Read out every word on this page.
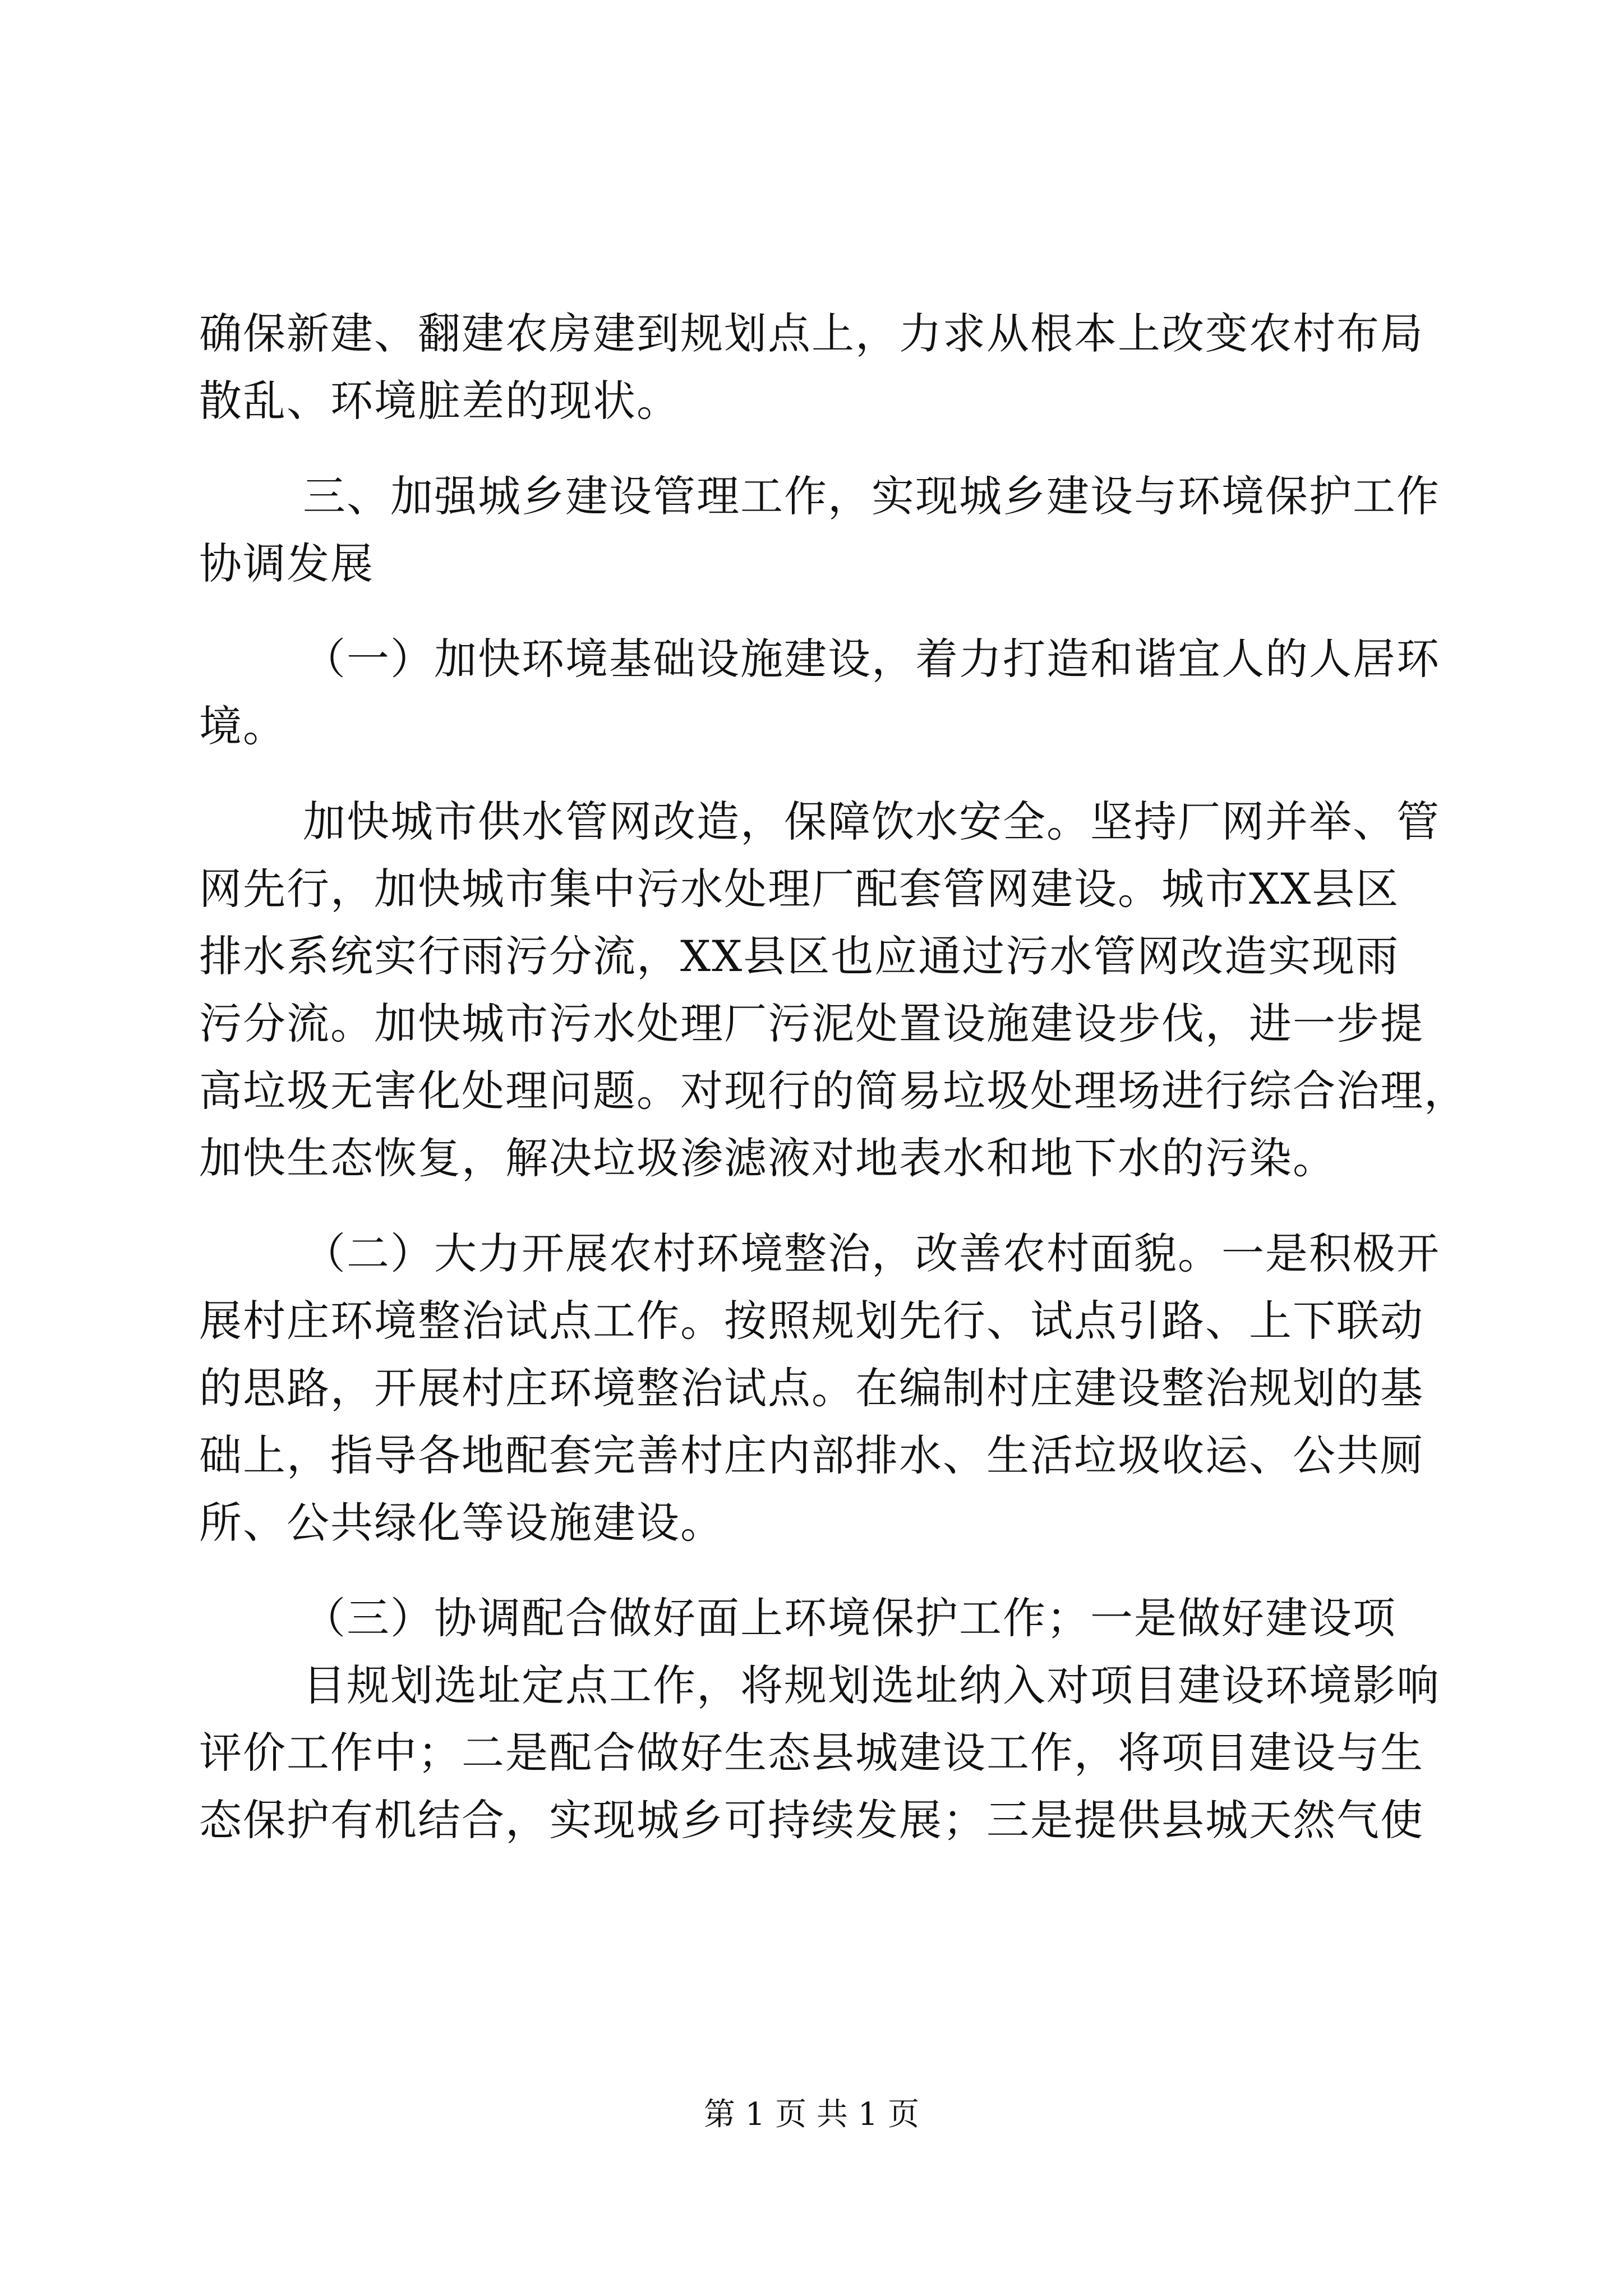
确保新建、翻建农房建到规划点上，力求从根本上改变农村布局
散乱、环境脏差的现状。
三、加强城乡建设管理工作，实现城乡建设与环境保护工作
协调发展
（一）加快环境基础设施建设，着力打造和谐宜人的人居环
境。
加快城市供水管网改造，保障饮水安全。坚持厂网并举、管
网先行，加快城市集中污水处理厂配套管网建设。城市XX县区
排水系统实行雨污分流，XX县区也应通过污水管网改造实现雨
污分流。加快城市污水处理厂污泥处置设施建设步伐，进一步提
高垃圾无害化处理问题。对现行的简易垃圾处理场进行综合治理，
加快生态恢复，解决垃圾渗滤液对地表水和地下水的污染。
（二）大力开展农村环境整治，改善农村面貌。一是积极开
展村庄环境整治试点工作。按照规划先行、试点引路、上下联动
的思路，开展村庄环境整治试点。在编制村庄建设整治规划的基
础上，指导各地配套完善村庄内部排水、生活垃圾收运、公共厕
所、公共绿化等设施建设。
（三）协调配合做好面上环境保护工作；一是做好建设项
目规划选址定点工作，将规划选址纳入对项目建设环境影响
评价工作中；二是配合做好生态县城建设工作，将项目建设与生
态保护有机结合，实现城乡可持续发展；三是提供县城天然气使
第 1 页 共 1 页
